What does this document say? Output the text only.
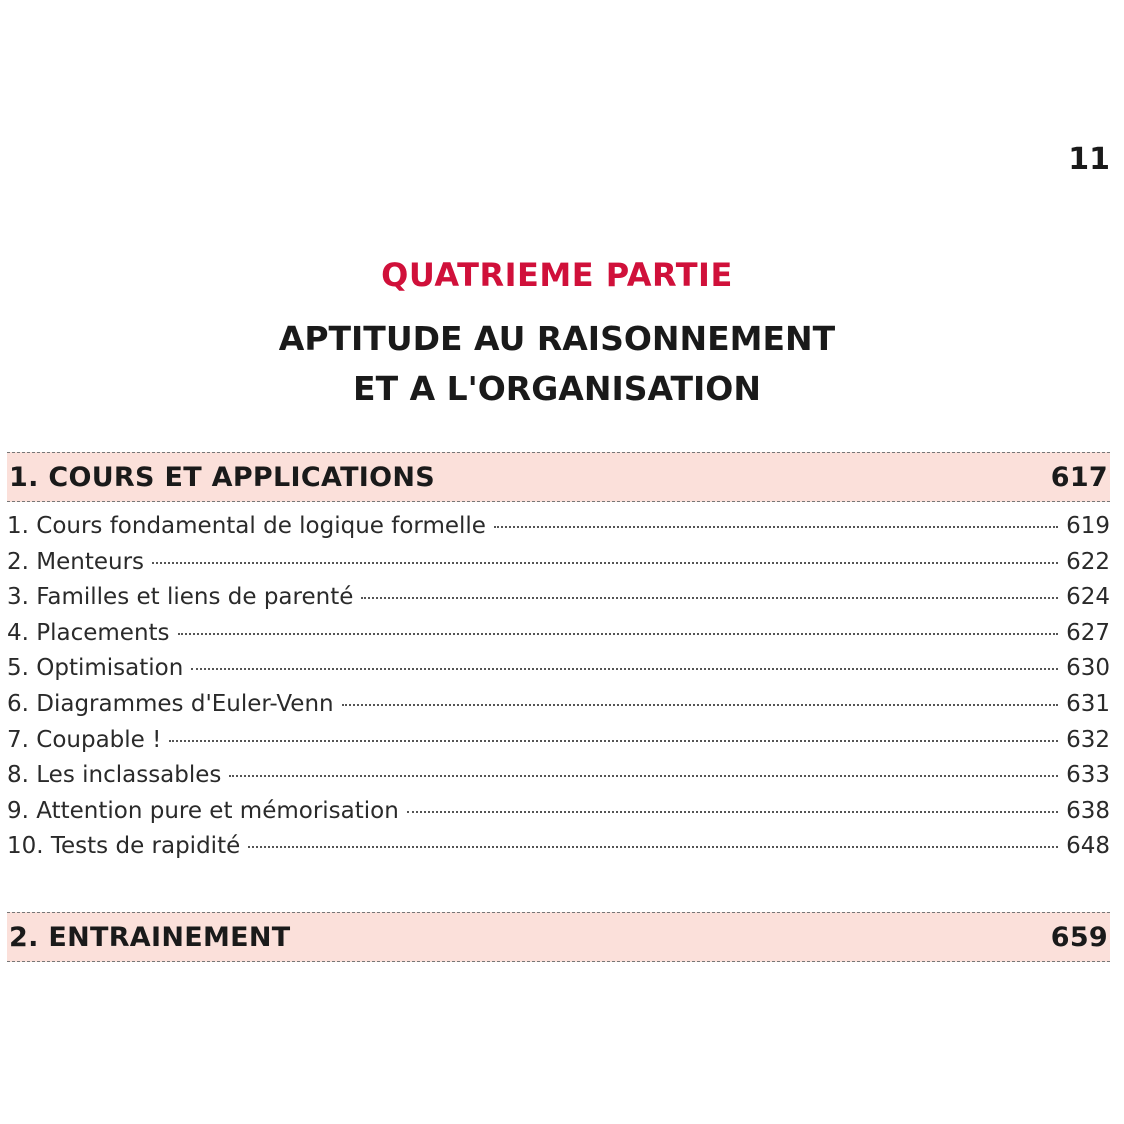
11
QUATRIEME PARTIE
APTITUDE AU RAISONNEMENT
ET A L'ORGANISATION
1. COURS ET APPLICATIONS	617
1. Cours fondamental de logique formelle	619
2. Menteurs	622
3. Familles et liens de parenté	624
4. Placements	627
5. Optimisation	630
6. Diagrammes d'Euler-Venn	631
7. Coupable !	632
8. Les inclassables	633
9. Attention pure et mémorisation	638
10. Tests de rapidité	648
2. ENTRAINEMENT	659
